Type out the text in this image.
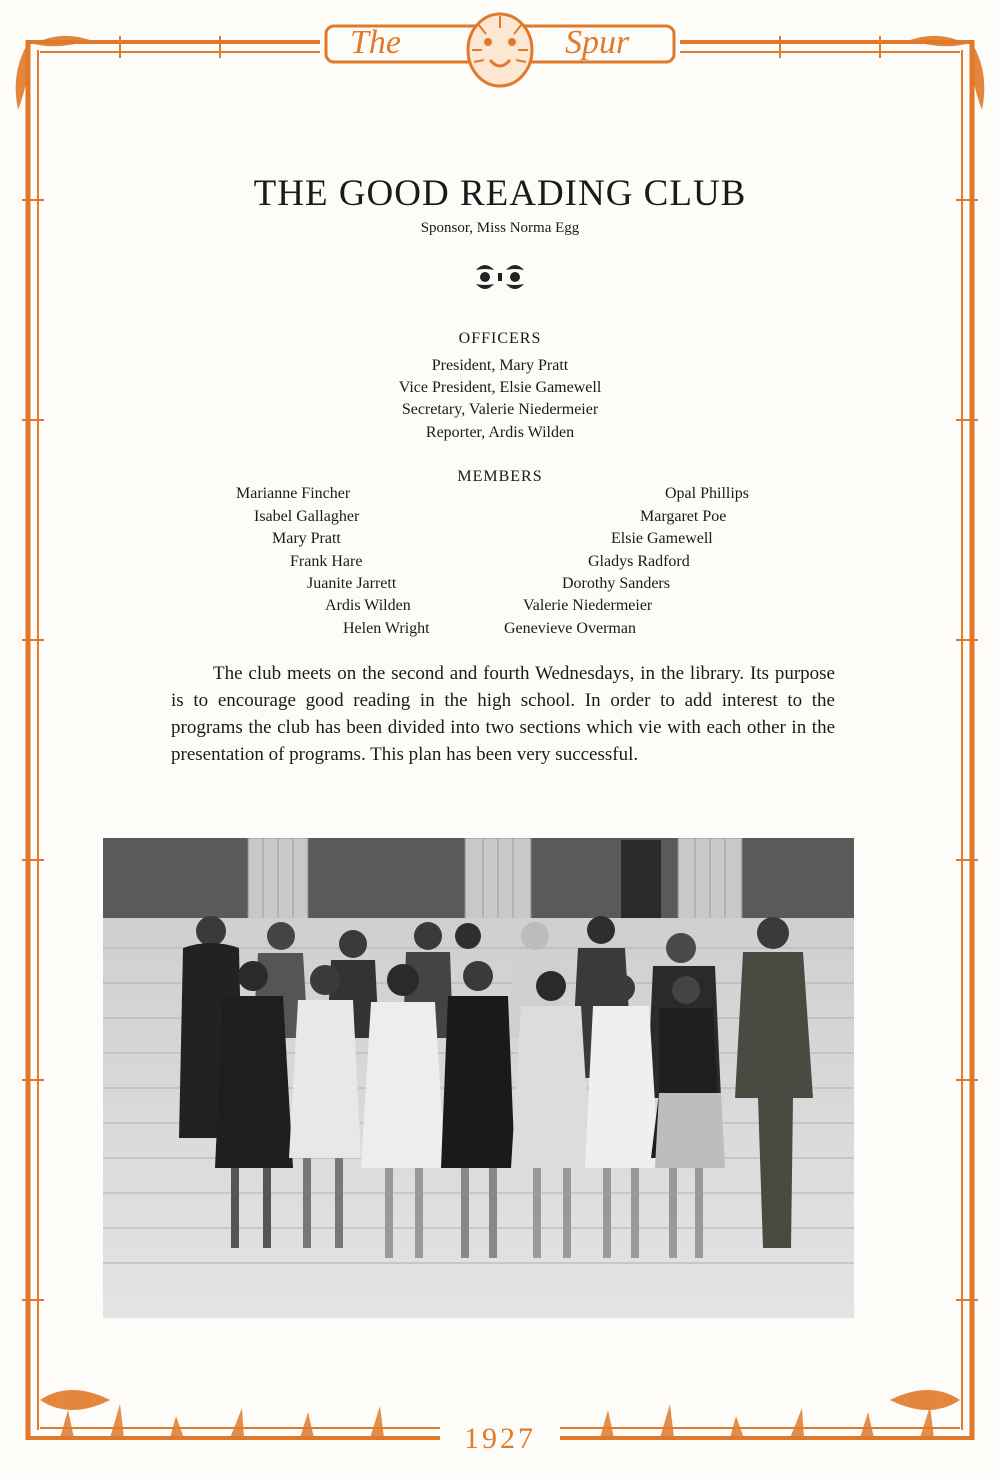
The	Spur
1927
THE GOOD READING CLUB
Sponsor, Miss Norma Egg
OFFICERS
President, Mary Pratt
Vice President, Elsie Gamewell
Secretary, Valerie Niedermeier
Reporter, Ardis Wilden
MEMBERS
Marianne Fincher
Isabel Gallagher
Mary Pratt
Frank Hare
Juanite Jarrett
Ardis Wilden
Helen Wright
Opal Phillips
Margaret Poe
Elsie Gamewell
Gladys Radford
Dorothy Sanders
Valerie Niedermeier
Genevieve Overman
The club meets on the second and fourth Wednesdays, in the library. Its purpose is to encourage good reading in the high school. In order to add interest to the programs the club has been divided into two sections which vie with each other in the presentation of programs. This plan has been very successful.
